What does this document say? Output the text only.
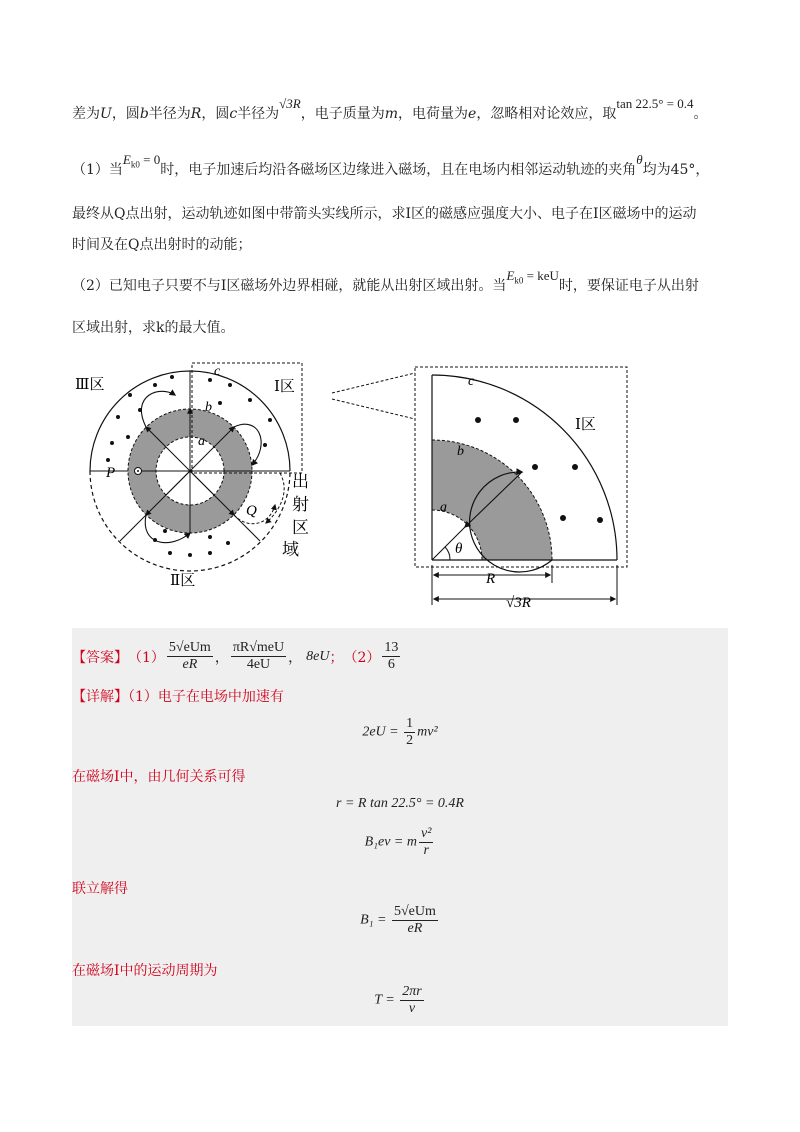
差为U，圆b半径为R，圆c半径为√3R，电子质量为m，电荷量为e，忽略相对论效应，取tan 22.5° = 0.4。
（1）当$E_{k0} = 0$时，电子加速后均沿各磁场区边缘进入磁场，且在电场内相邻运动轨迹的夹角θ均为45°，
最终从Q点出射，运动轨迹如图中带箭头实线所示，求Ⅰ区的磁感应强度大小、电子在Ⅰ区磁场中的运动
时间及在Q点出射时的动能；
（2）已知电子只要不与Ⅰ区磁场外边界相碰，就能从出射区域出射。当$E_{k0}$ = keU时，要保证电子从出射
区域出射，求k的最大值。
Ⅲ区	Ⅰ区
Ⅱ区
c
b
a
P
Q
出
射
区
域
c
b
a
Ⅰ区
θ
R
√3R
【答案】 $(1) \frac{\text{5√eUm}}{eR}$ ， $\frac{\text{πR√meU}}{4eU}$ ， 8eU ； $(2) \frac{13}{6}$
【详解】（1）电子在电场中加速有
$2eU = \frac{1}{2} mv^2$
在磁场Ⅰ中，由几何关系可得
r = R tan 22.5° = 0.4R
B₁ev = m $\frac{\text{v²}}{r}$
联立解得
$B_1 = \frac{\text{5√eUm}}{eR}$
在磁场Ⅰ中的运动周期为
$T = \frac{2\pi r}{v}$
